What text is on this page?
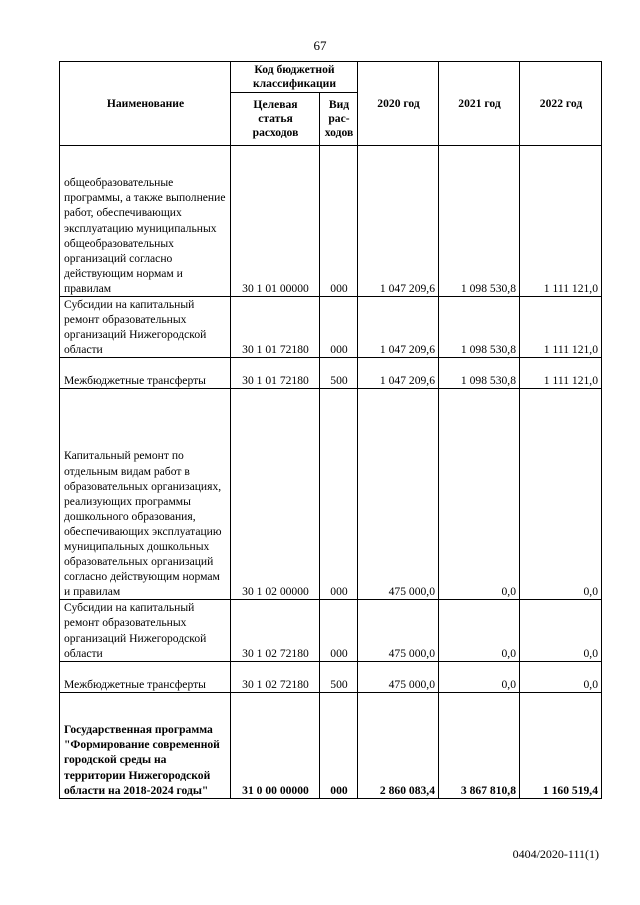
67
Наименование	Код бюджетной классификации		2020 год	2021 год	2022 год
	Целевая статья расходов	Вид рас-ходов			
общеобразовательные программы, а также выполнение работ, обеспечивающих эксплуатацию муниципальных общеобразовательных организаций согласно действующим нормам и правилам	30 1 01 00000	000	1 047 209,6	1 098 530,8	1 111 121,0
Субсидии на капитальный ремонт образовательных организаций Нижегородской области	30 1 01 72180	000	1 047 209,6	1 098 530,8	1 111 121,0
Межбюджетные трансферты	30 1 01 72180	500	1 047 209,6	1 098 530,8	1 111 121,0
Капитальный ремонт по отдельным видам работ в образовательных организациях, реализующих программы дошкольного образования, обеспечивающих эксплуатацию муниципальных дошкольных образовательных организаций согласно действующим нормам и правилам	30 1 02 00000	000	475 000,0	0,0	0,0
Субсидии на капитальный ремонт образовательных организаций Нижегородской области	30 1 02 72180	000	475 000,0	0,0	0,0
Межбюджетные трансферты	30 1 02 72180	500	475 000,0	0,0	0,0
Государственная программа "Формирование современной городской среды на территории Нижегородской области на 2018-2024 годы"	31 0 00 00000	000	2 860 083,4	3 867 810,8	1 160 519,4
0404/2020-111(1)
